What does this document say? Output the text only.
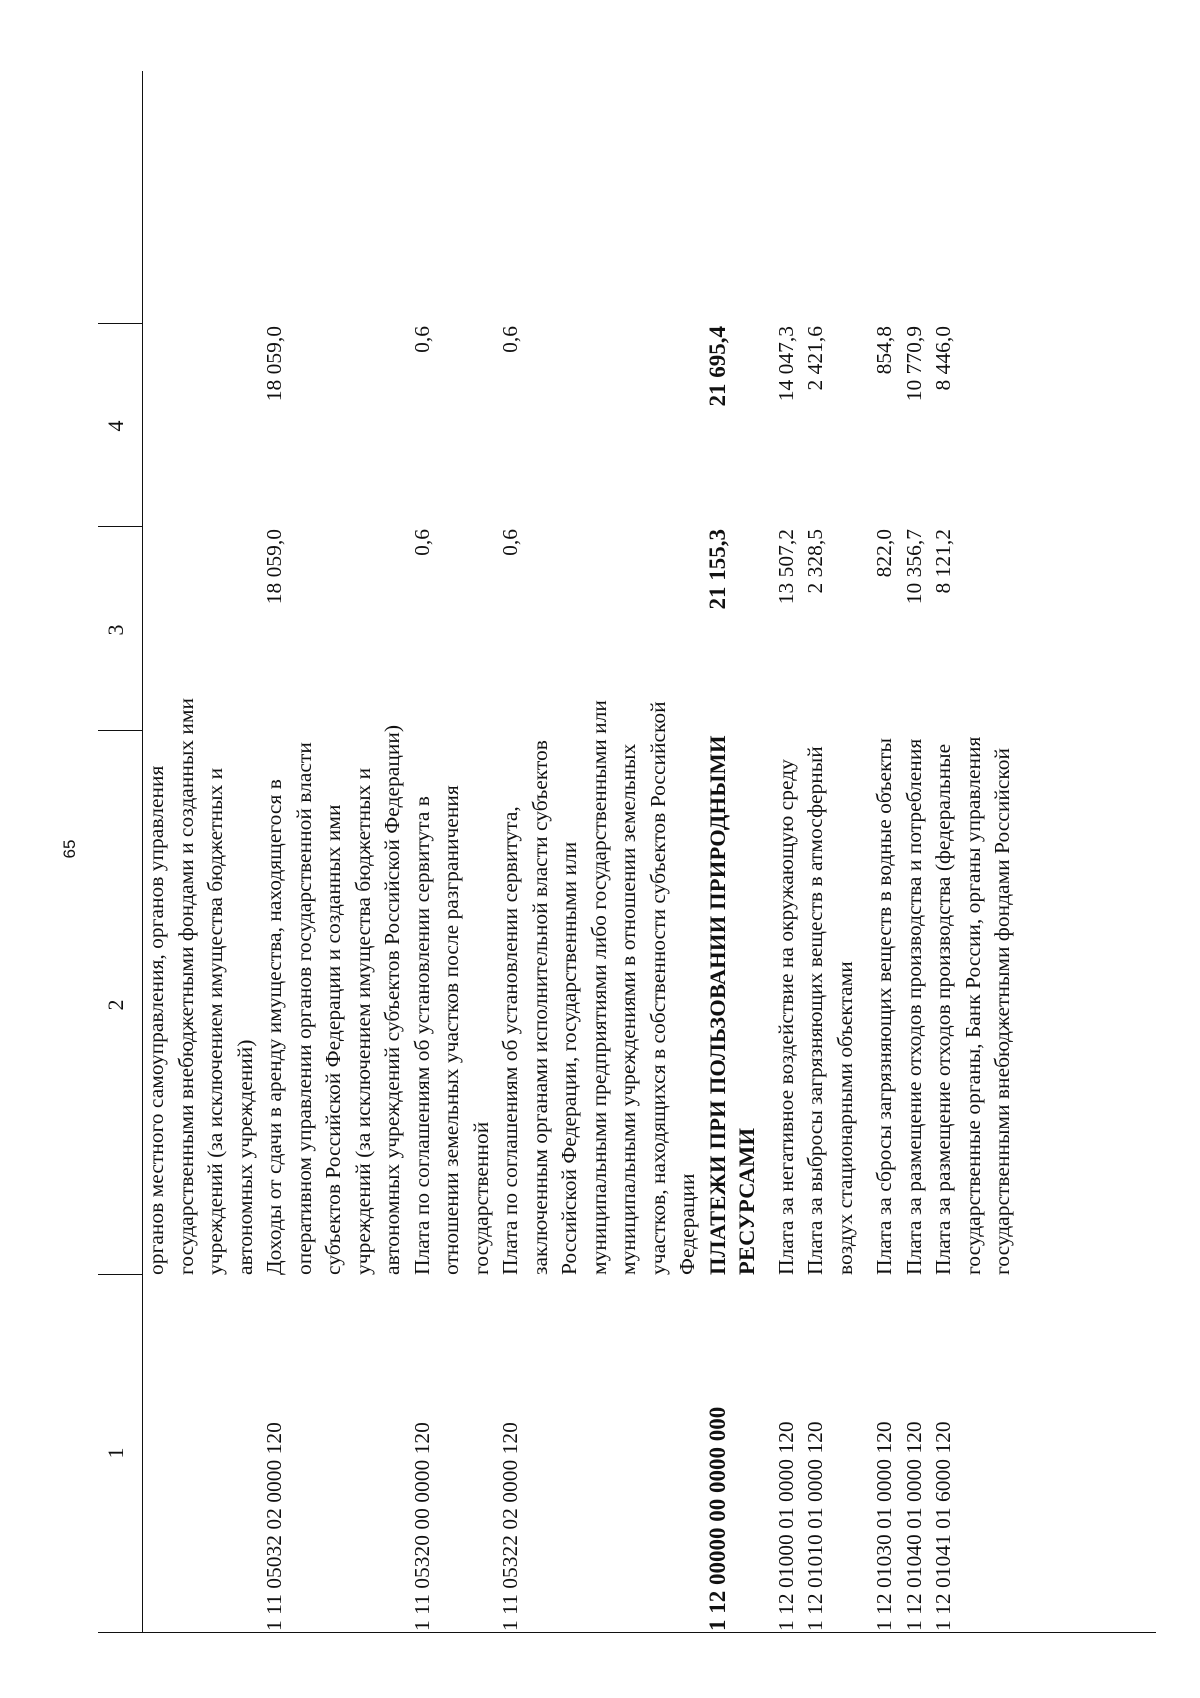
65
1
2
3
4
органов местного самоуправления, органов управления государственными внебюджетными фондами и созданных ими учреждений (за исключением имущества бюджетных и автономных учреждений)
1 11 05032 02 0000 120
Доходы от сдачи в аренду имущества, находящегося в оперативном управлении органов государственной власти субъектов Российской Федерации и созданных ими учреждений (за исключением имущества бюджетных и автономных учреждений субъектов Российской Федерации)
18 059,0
18 059,0
1 11 05320 00 0000 120
Плата по соглашениям об установлении сервитута в отношении земельных участков после разграничения государственной
0,6
0,6
1 11 05322 02 0000 120
Плата по соглашениям об установлении сервитута, заключенным органами исполнительной власти субъектов Российской Федерации, государственными или муниципальными предприятиями либо государственными или муниципальными учреждениями в отношении земельных участков, находящихся в собственности субъектов Российской Федерации
0,6
0,6
1 12 00000 00 0000 000
ПЛАТЕЖИ ПРИ ПОЛЬЗОВАНИИ ПРИРОДНЫМИ РЕСУРСАМИ
21 155,3
21 695,4
1 12 01000 01 0000 120
Плата за негативное воздействие на окружающую среду
13 507,2
14 047,3
1 12 01010 01 0000 120
Плата за выбросы загрязняющих веществ в атмосферный воздух стационарными объектами
2 328,5
2 421,6
1 12 01030 01 0000 120
Плата за сбросы загрязняющих веществ в водные объекты
822,0
854,8
1 12 01040 01 0000 120
Плата за размещение отходов производства и потребления
10 356,7
10 770,9
1 12 01041 01 6000 120
Плата за размещение отходов производства (федеральные государственные органы, Банк России, органы управления государственными внебюджетными фондами Российской
8 121,2
8 446,0
